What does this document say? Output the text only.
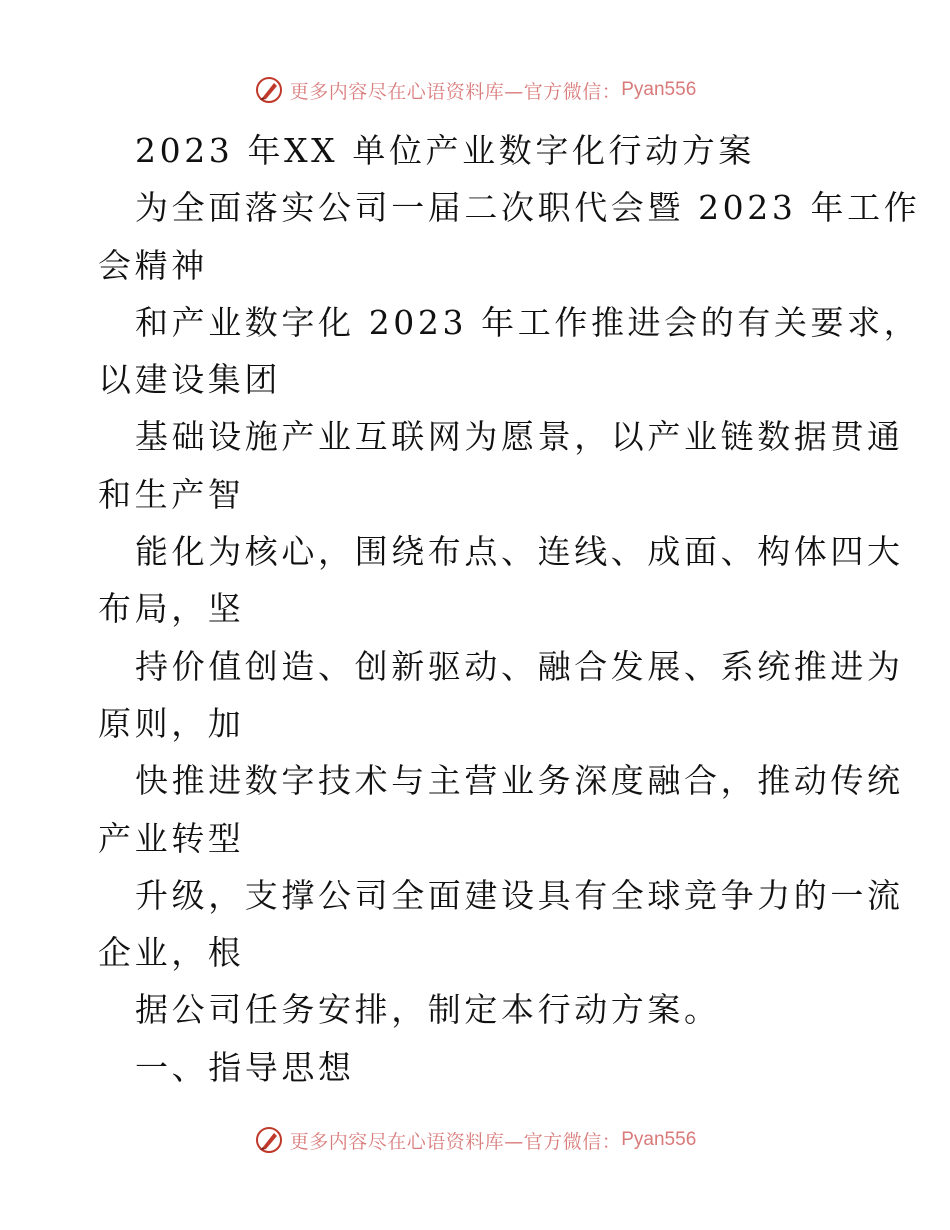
更多内容尽在心语资料库—官方微信： Pyan556
2023 年XX 单位产业数字化行动方案
为全面落实公司一届二次职代会暨 2023 年工作
会精神
和产业数字化 2023 年工作推进会的有关要求，
以建设集团
基础设施产业互联网为愿景，以产业链数据贯通
和生产智
能化为核心，围绕布点、连线、成面、构体四大
布局，坚
持价值创造、创新驱动、融合发展、系统推进为
原则，加
快推进数字技术与主营业务深度融合，推动传统
产业转型
升级，支撑公司全面建设具有全球竞争力的一流
企业，根
据公司任务安排，制定本行动方案。
一、指导思想
更多内容尽在心语资料库—官方微信： Pyan556
